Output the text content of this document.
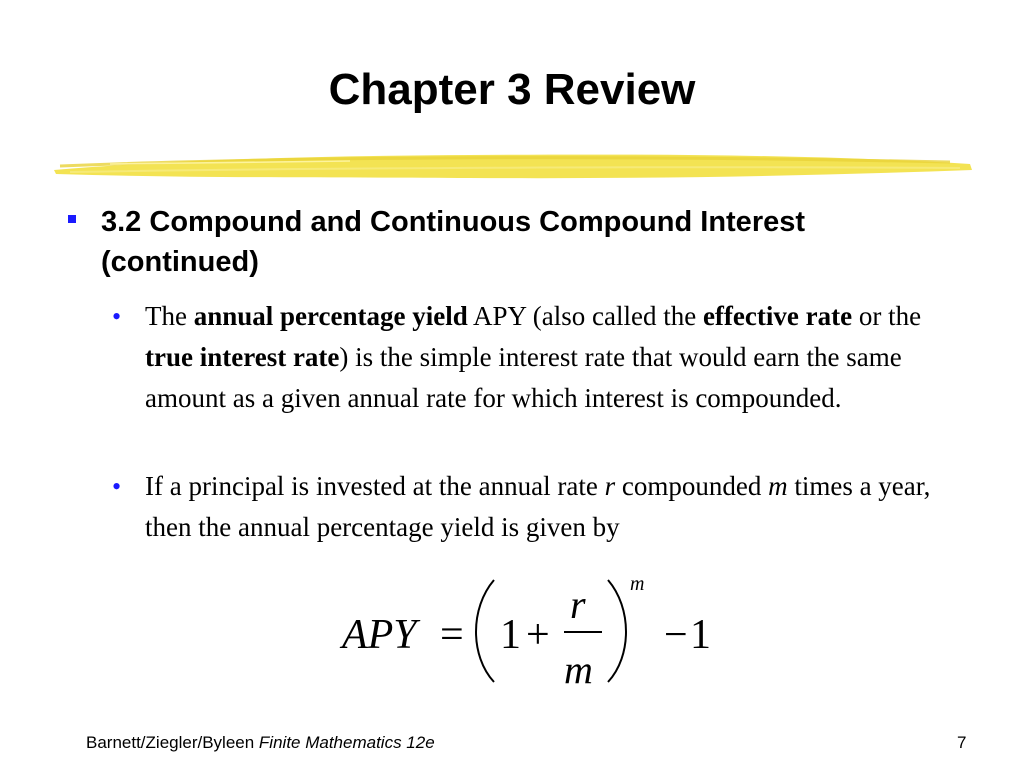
Chapter 3 Review
3.2 Compound and Continuous Compound Interest (continued)
• The annual percentage yield APY (also called the effective rate or the true interest rate) is the simple interest rate that would earn the same amount as a given annual rate for which interest is compounded.
• If a principal is invested at the annual rate r compounded m times a year, then the annual percentage yield is given by
APY = 1 +
r
m
m
− 1
Barnett/Ziegler/Byleen Finite Mathematics 12e	7
